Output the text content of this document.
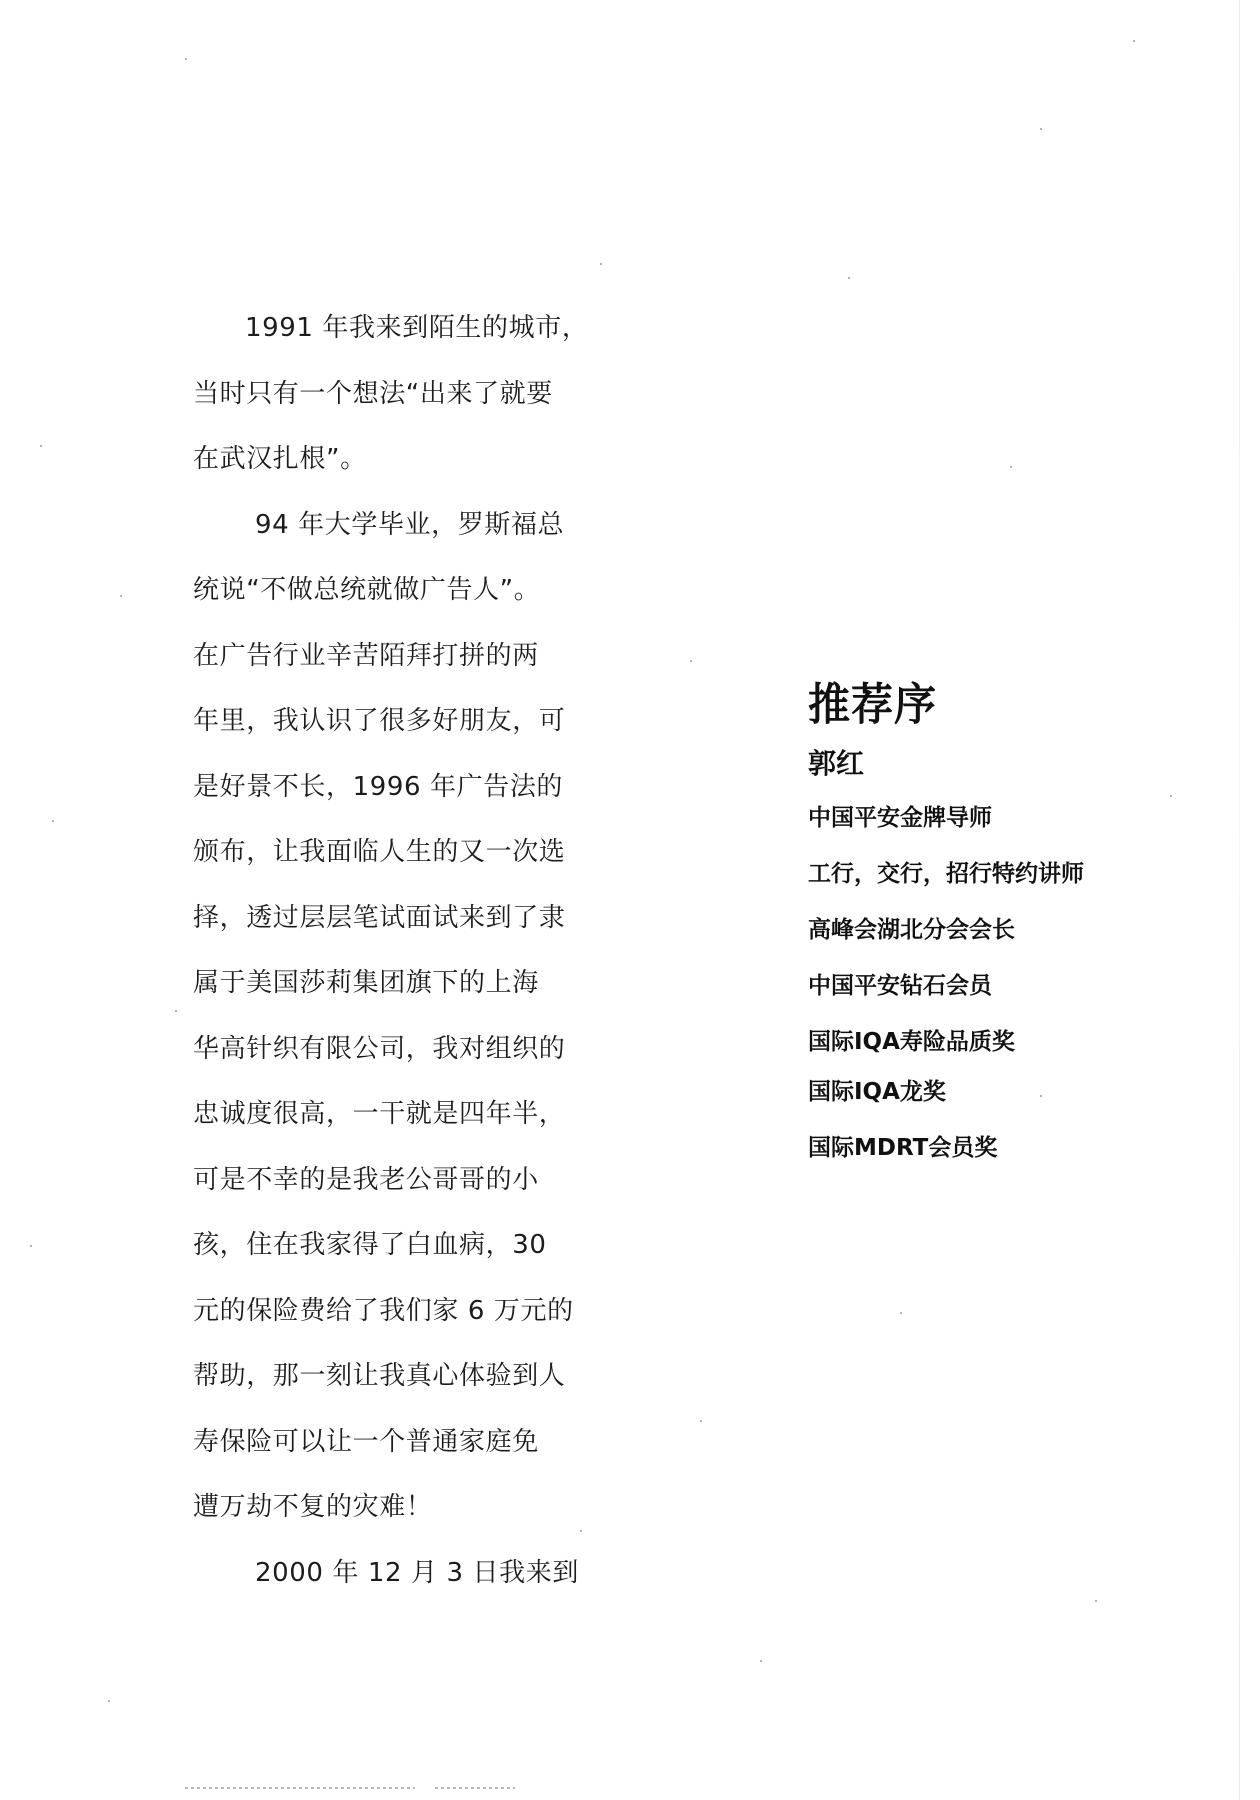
1991 年我来到陌生的城市，
当时只有一个想法“出来了就要
在武汉扎根”。
94 年大学毕业，罗斯福总
统说“不做总统就做广告人”。
在广告行业辛苦陌拜打拼的两
年里，我认识了很多好朋友，可
是好景不长，1996 年广告法的
颁布，让我面临人生的又一次选
择，透过层层笔试面试来到了隶
属于美国莎莉集团旗下的上海
华高针织有限公司，我对组织的
忠诚度很高，一干就是四年半，
可是不幸的是我老公哥哥的小
孩，住在我家得了白血病，30
元的保险费给了我们家 6 万元的
帮助，那一刻让我真心体验到人
寿保险可以让一个普通家庭免
遭万劫不复的灾难！
2000 年 12 月 3 日我来到
推荐序
郭红
中国平安金牌导师
工行，交行，招行特约讲师
高峰会湖北分会会长
中国平安钻石会员
国际IQA寿险品质奖
国际IQA龙奖
国际MDRT会员奖
